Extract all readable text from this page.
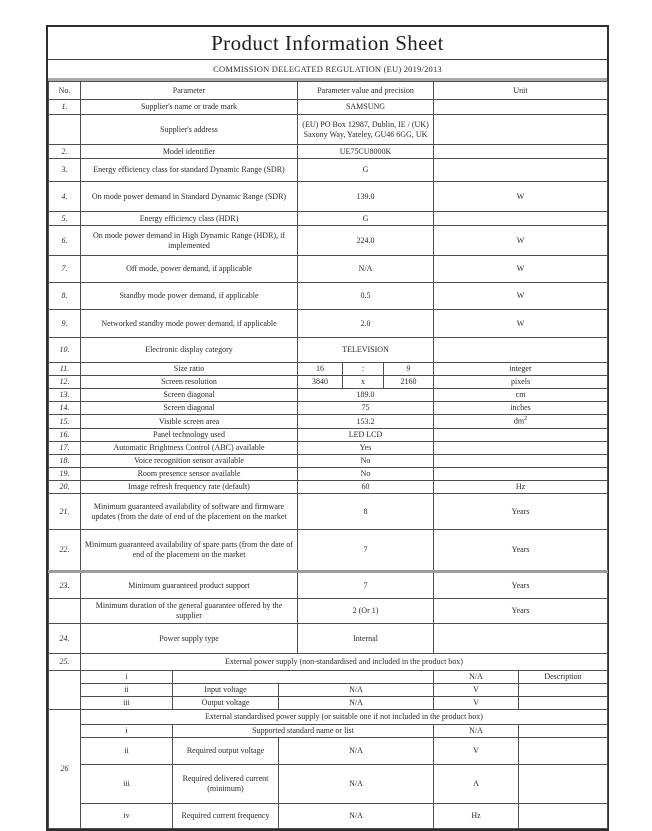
Product Information Sheet
COMMISSION DELEGATED REGULATION (EU) 2019/2013
No.	Parameter	Parameter value and precision			Unit
1.	Supplier's name or trade mark	SAMSUNG			
	Supplier's address	(EU) PO Box 12987, Dublin, IE / (UK) Saxony Way, Yateley, GU46 6GG, UK			
2.	Model identifier	UE75CU8000K			
3.	Energy efficiency class for standard Dynamic Range (SDR)	G			
4.	On mode power demand in Standard Dynamic Range (SDR)	139.0			W
5.	Energy efficiency class (HDR)	G			
6.	On mode power demand in High Dynamic Range (HDR), if implemented	224.0			W
7.	Off mode, power demand, if applicable	N/A			W
8.	Standby mode power demand, if applicable	0.5			W
9.	Networked standby mode power demand, if applicable	2.0			W
10.	Electronic display category	TELEVISION			
11.	Size ratio	16	:	9	integer
12.	Screen resolution	3840	x	2160	pixels
13.	Screen diagonal	189.0			cm
14.	Screen diagonal	75			inches
15.	Visible screen area	153.2			$dm^2$
16.	Panel technology used	LED LCD			
17.	Automatic Brightness Control (ABC) available	Yes			
18.	Voice recognition sensor available	No			
19.	Room presence sensor available	No			
20.	Image refresh frequency rate (default)	60			Hz
21.	Minimum guaranteed availability of software and firmware updates (from the date of end of the placement on the market	8			Years
22.	Minimum guaranteed availability of spare parts (from the date of end of the placement on the market	7			Years
23.	Minimum guaranteed product support	7			Years
	Minimum duration of the general guarantee offered by the supplier	2 (Or 1)			Years
24.	Power supply type	Internal			
25.	External power supply (non-standardised and included in the product box)				
	i			N/A	Description
	ii	Input voltage	N/A	V	
	iii	Output voltage	N/A	V	
26	External standardised power supply (or suitable one if not included in the product box)				
	i	Supported standard name or list		N/A	
	ii	Required output voltage	N/A	V	
	iii	Required delivered current (minimum)	N/A	A	
	iv	Required current frequency	N/A	Hz	
